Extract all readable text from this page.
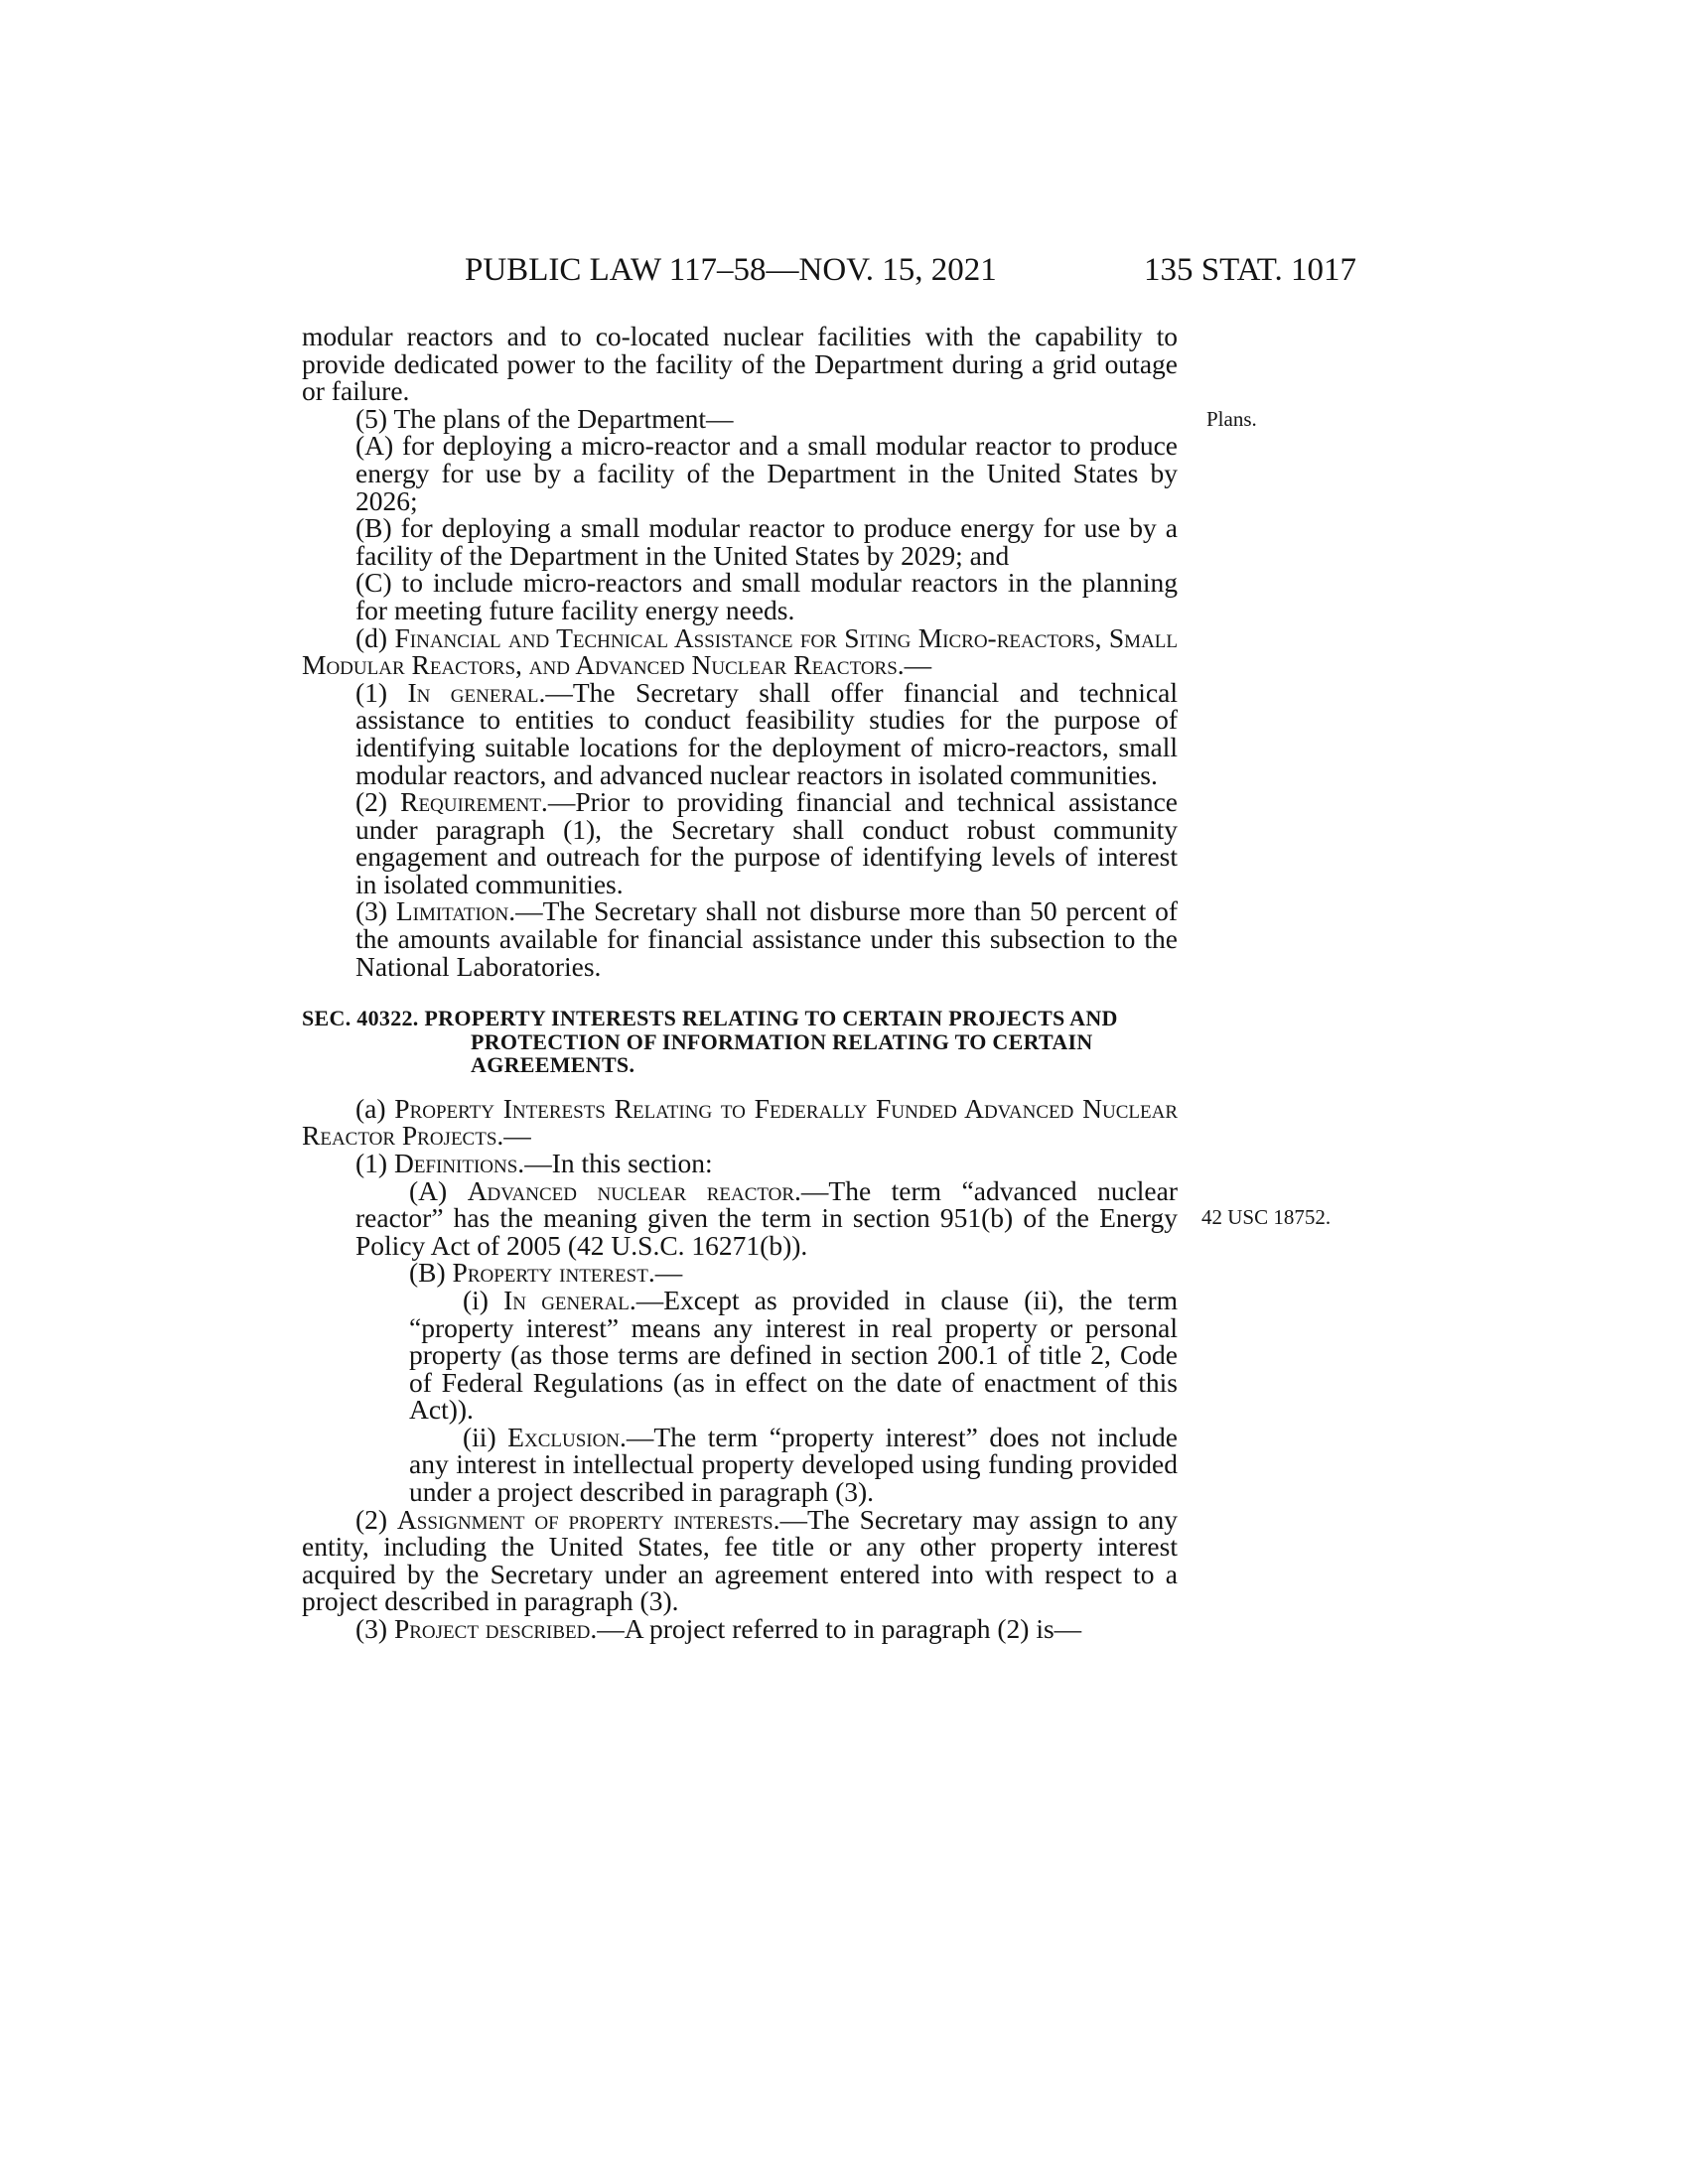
PUBLIC LAW 117–58—NOV. 15, 2021	135 STAT. 1017
Plans.
42 USC 18752.

modular reactors and to co-located nuclear facilities with the capability to provide dedicated power to the facility of the Department during a grid outage or failure.

(5) The plans of the Department—

(A) for deploying a micro-reactor and a small modular reactor to produce energy for use by a facility of the Department in the United States by 2026;

(B) for deploying a small modular reactor to produce energy for use by a facility of the Department in the United States by 2029; and

(C) to include micro-reactors and small modular reactors in the planning for meeting future facility energy needs.

(d) Financial and Technical Assistance for Siting Micro-reactors, Small Modular Reactors, and Advanced Nuclear Reactors.—

(1) In general.—The Secretary shall offer financial and technical assistance to entities to conduct feasibility studies for the purpose of identifying suitable locations for the deployment of micro-reactors, small modular reactors, and advanced nuclear reactors in isolated communities.

(2) Requirement.—Prior to providing financial and technical assistance under paragraph (1), the Secretary shall conduct robust community engagement and outreach for the purpose of identifying levels of interest in isolated communities.

(3) Limitation.—The Secretary shall not disburse more than 50 percent of the amounts available for financial assistance under this subsection to the National Laboratories.

SEC. 40322. PROPERTY INTERESTS RELATING TO CERTAIN PROJECTS AND PROTECTION OF INFORMATION RELATING TO CERTAIN AGREEMENTS.

(a) Property Interests Relating to Federally Funded Advanced Nuclear Reactor Projects.—

(1) Definitions.—In this section:

(A) Advanced nuclear reactor.—The term “advanced nuclear reactor” has the meaning given the term in section 951(b) of the Energy Policy Act of 2005 (42 U.S.C. 16271(b)).

(B) Property interest.—

(i) In general.—Except as provided in clause (ii), the term “property interest” means any interest in real property or personal property (as those terms are defined in section 200.1 of title 2, Code of Federal Regulations (as in effect on the date of enactment of this Act)).

(ii) Exclusion.—The term “property interest” does not include any interest in intellectual property developed using funding provided under a project described in paragraph (3).

(2) Assignment of property interests.—The Secretary may assign to any entity, including the United States, fee title or any other property interest acquired by the Secretary under an agreement entered into with respect to a project described in paragraph (3).

(3) Project described.—A project referred to in paragraph (2) is—
